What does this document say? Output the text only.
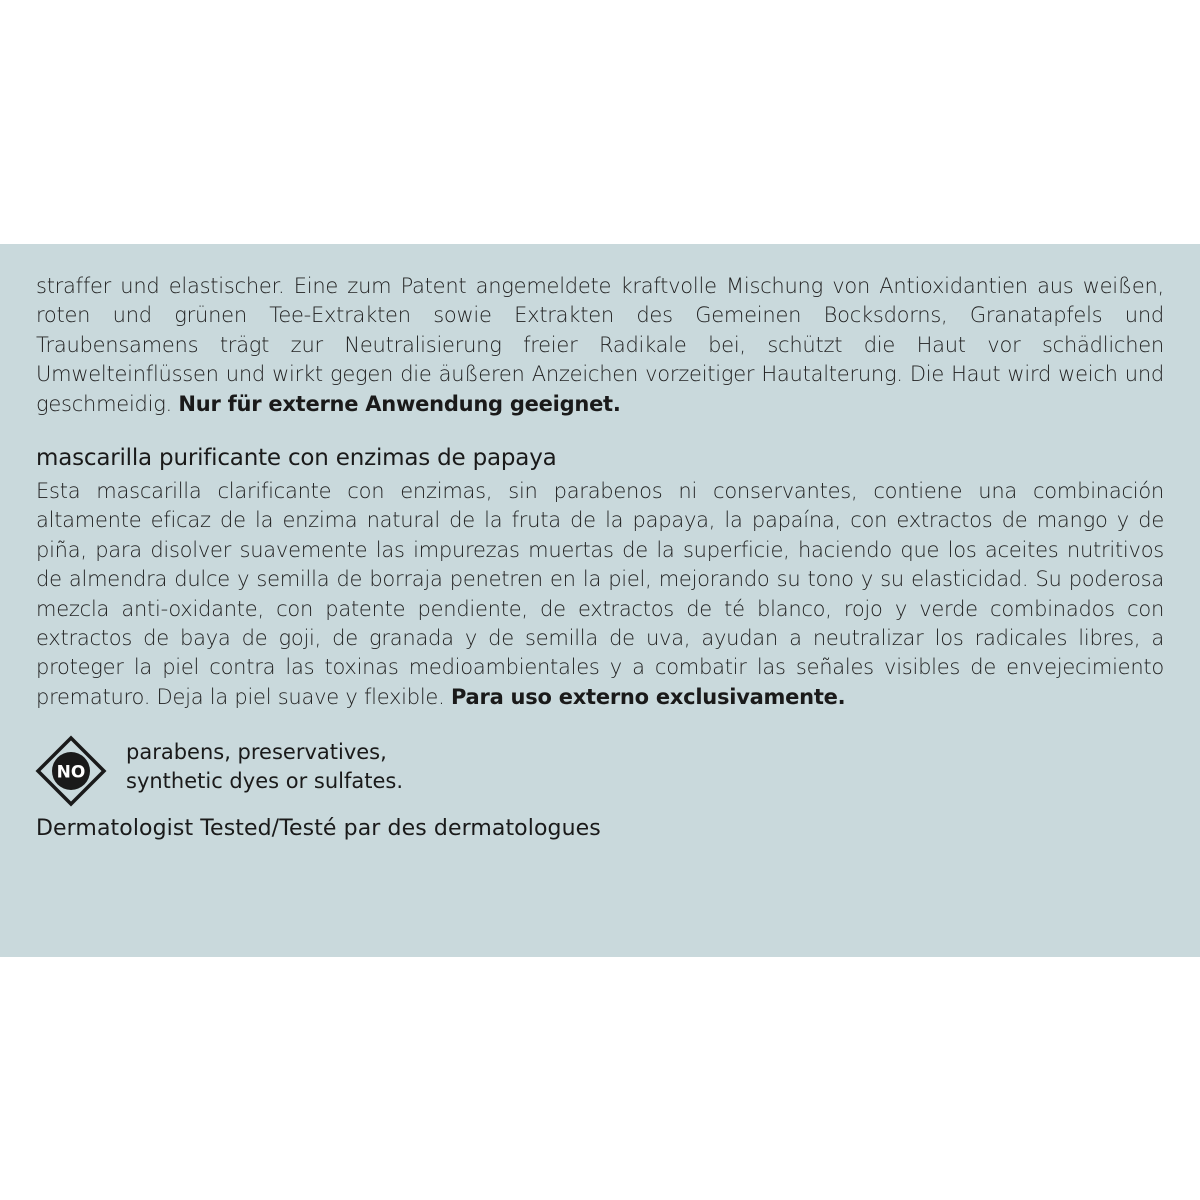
straffer und elastischer. Eine zum Patent angemeldete kraftvolle Mischung von Antioxidantien aus weißen, roten und grünen Tee-Extrakten sowie Extrakten des Gemeinen Bocksdorns, Granatapfels und Traubensamens trägt zur Neutralisierung freier Radikale bei, schützt die Haut vor schädlichen Umwelteinflüssen und wirkt gegen die äußeren Anzeichen vorzeitiger Hautalterung. Die Haut wird weich und geschmeidig. Nur für externe Anwendung geeignet.

mascarilla purificante con enzimas de papaya

Esta mascarilla clarificante con enzimas, sin parabenos ni conservantes, contiene una combinación altamente eficaz de la enzima natural de la fruta de la papaya, la papaína, con extractos de mango y de piña, para disolver suavemente las impurezas muertas de la superficie, haciendo que los aceites nutritivos de almendra dulce y semilla de borraja penetren en la piel, mejorando su tono y su elasticidad. Su poderosa mezcla anti-oxidante, con patente pendiente, de extractos de té blanco, rojo y verde combinados con extractos de baya de goji, de granada y de semilla de uva, ayudan a neutralizar los radicales libres, a proteger la piel contra las toxinas medioambientales y a combatir las señales visibles de envejecimiento prematuro. Deja la piel suave y flexible. Para uso externo exclusivamente.

NO
parabens, preservatives,
synthetic dyes or sulfates.
Dermatologist Tested/Testé par des dermatologues
